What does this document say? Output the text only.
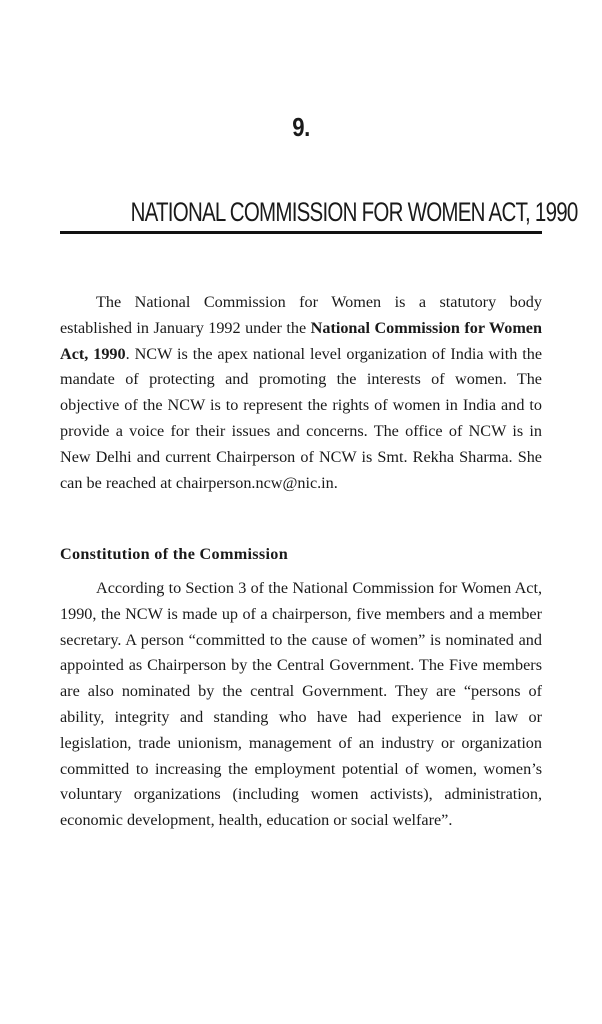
9.
NATIONAL COMMISSION FOR WOMEN ACT, 1990

The National Commission for Women is a statutory body established in January 1992 under the National Commission for Women Act, 1990. NCW is the apex national level organization of India with the mandate of protecting and promoting the interests of women. The objective of the NCW is to represent the rights of women in India and to provide a voice for their issues and concerns. The office of NCW is in New Delhi and current Chairperson of NCW is Smt. Rekha Sharma. She can be reached at chairperson.ncw@nic.in.

Constitution of the Commission

According to Section 3 of the National Commission for Women Act, 1990, the NCW is made up of a chairperson, five members and a member secretary. A person “committed to the cause of women” is nominated and appointed as Chairperson by the Central Government. The Five members are also nominated by the central Government. They are “persons of ability, integrity and standing who have had experience in law or legislation, trade unionism, management of an industry or organization committed to increasing the employment potential of women, women’s voluntary organizations (including women activists), administration, economic development, health, education or social welfare”.
